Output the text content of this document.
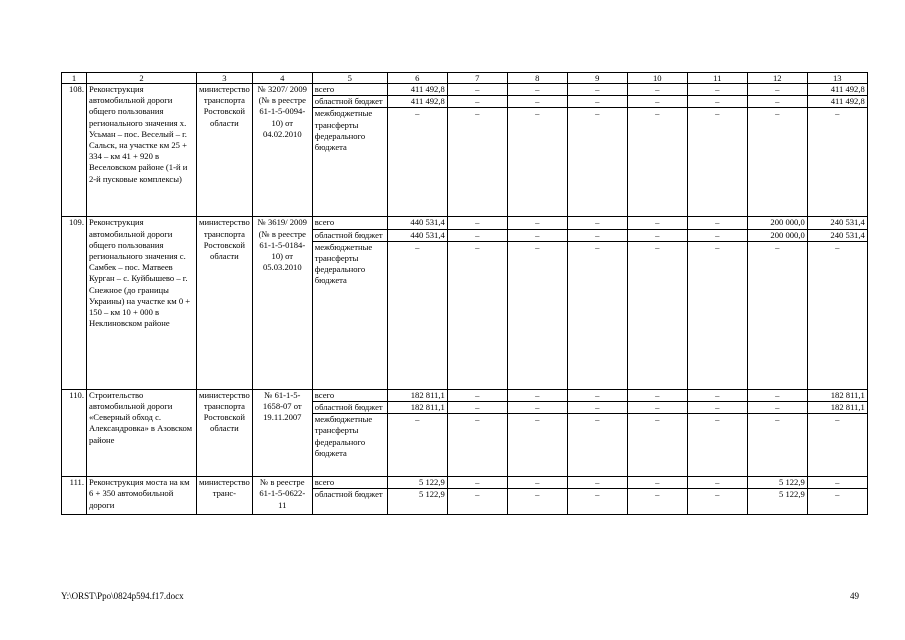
1	2	3	4	5	6	7	8	9	10	11	12	13
108.	Реконструкция автомобильной дороги общего пользования регионального значения х. Усьман – пос. Веселый – г. Сальск, на участке км 25 + 334 – км 41 + 920 в Веселовском районе (1-й и 2-й пусковые комплексы)	министерство транспорта Ростовской области	№ 3207/ 2009 (№ в реестре 61-1-5-0094- 10) от 04.02.2010	всего	411 492,8	–	–	–	–	–	–	411 492,8
				областной бюджет	411 492,8	–	–	–	–	–	–	411 492,8
				межбюджетные трансферты федерального бюджета	–	–	–	–	–	–	–	–
109.	Реконструкция автомобильной дороги общего пользования регионального значения с. Самбек – пос. Матвеев Курган – с. Куйбышево – г. Снежное (до границы Украины) на участке км 0 + 150 – км 10 + 000 в Неклиновском районе	министерство транспорта Ростовской области	№ 3619/ 2009 (№ в реестре 61-1-5-0184- 10) от 05.03.2010	всего	440 531,4	–	–	–	–	–	200 000,0	240 531,4
				областной бюджет	440 531,4	–	–	–	–	–	200 000,0	240 531,4
				межбюджетные трансферты федерального бюджета	–	–	–	–	–	–	–	–
110.	Строительство автомобильной дороги «Северный обход с. Александровка» в Азовском районе	министерство транспорта Ростовской области	№ 61-1-5- 1658-07 от 19.11.2007	всего	182 811,1	–	–	–	–	–	–	182 811,1
				областной бюджет	182 811,1	–	–	–	–	–	–	182 811,1
				межбюджетные трансферты федерального бюджета	–	–	–	–	–	–	–	–
111.	Реконструкция моста на км 6 + 350 автомобильной дороги	министерство транс-	№ в реестре 61-1-5-0622- 11	всего	5 122,9	–	–	–	–	–	5 122,9	–
				областной бюджет	5 122,9	–	–	–	–	–	5 122,9	–
Y:\ORST\Ppo\0824p594.f17.docx	49
